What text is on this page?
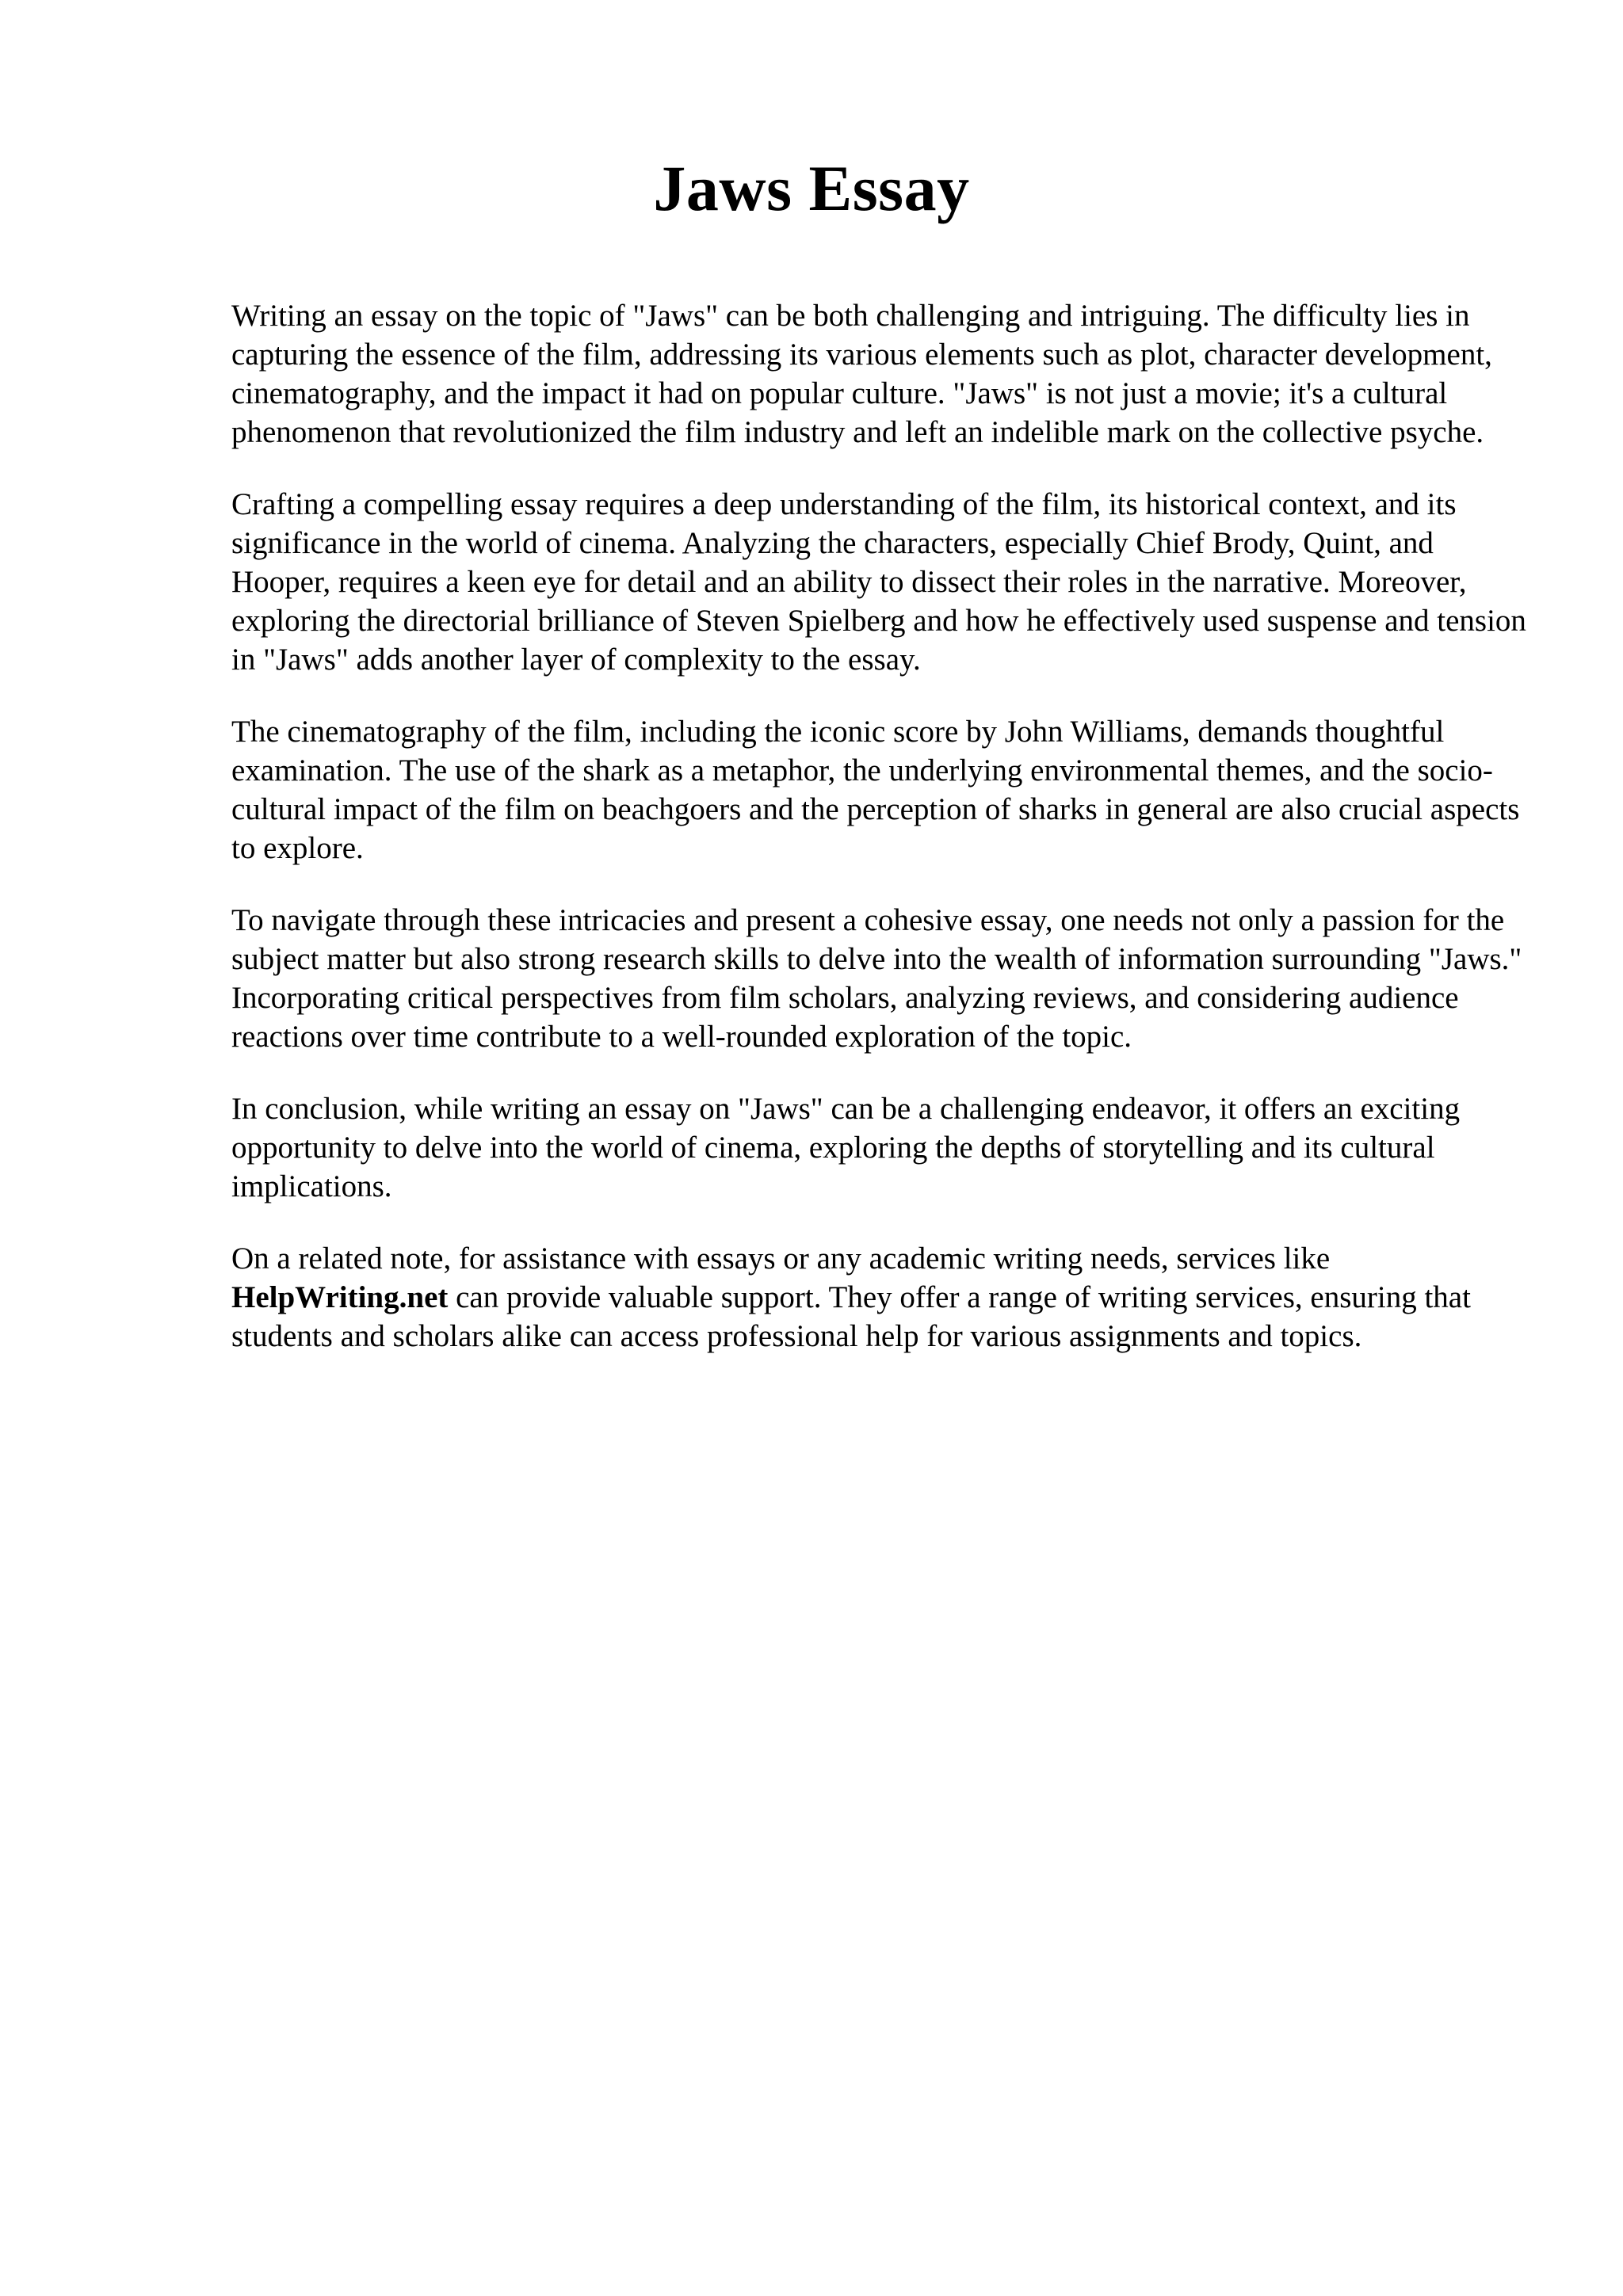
Jaws Essay

Writing an essay on the topic of "Jaws" can be both challenging and intriguing. The difficulty lies in capturing the essence of the film, addressing its various elements such as plot, character development, cinematography, and the impact it had on popular culture. "Jaws" is not just a movie; it's a cultural phenomenon that revolutionized the film industry and left an indelible mark on the collective psyche.

Crafting a compelling essay requires a deep understanding of the film, its historical context, and its significance in the world of cinema. Analyzing the characters, especially Chief Brody, Quint, and Hooper, requires a keen eye for detail and an ability to dissect their roles in the narrative. Moreover, exploring the directorial brilliance of Steven Spielberg and how he effectively used suspense and tension in "Jaws" adds another layer of complexity to the essay.

The cinematography of the film, including the iconic score by John Williams, demands thoughtful examination. The use of the shark as a metaphor, the underlying environmental themes, and the socio-cultural impact of the film on beachgoers and the perception of sharks in general are also crucial aspects to explore.

To navigate through these intricacies and present a cohesive essay, one needs not only a passion for the subject matter but also strong research skills to delve into the wealth of information surrounding "Jaws." Incorporating critical perspectives from film scholars, analyzing reviews, and considering audience reactions over time contribute to a well-rounded exploration of the topic.

In conclusion, while writing an essay on "Jaws" can be a challenging endeavor, it offers an exciting opportunity to delve into the world of cinema, exploring the depths of storytelling and its cultural implications.

On a related note, for assistance with essays or any academic writing needs, services like HelpWriting.net can provide valuable support. They offer a range of writing services, ensuring that students and scholars alike can access professional help for various assignments and topics.
